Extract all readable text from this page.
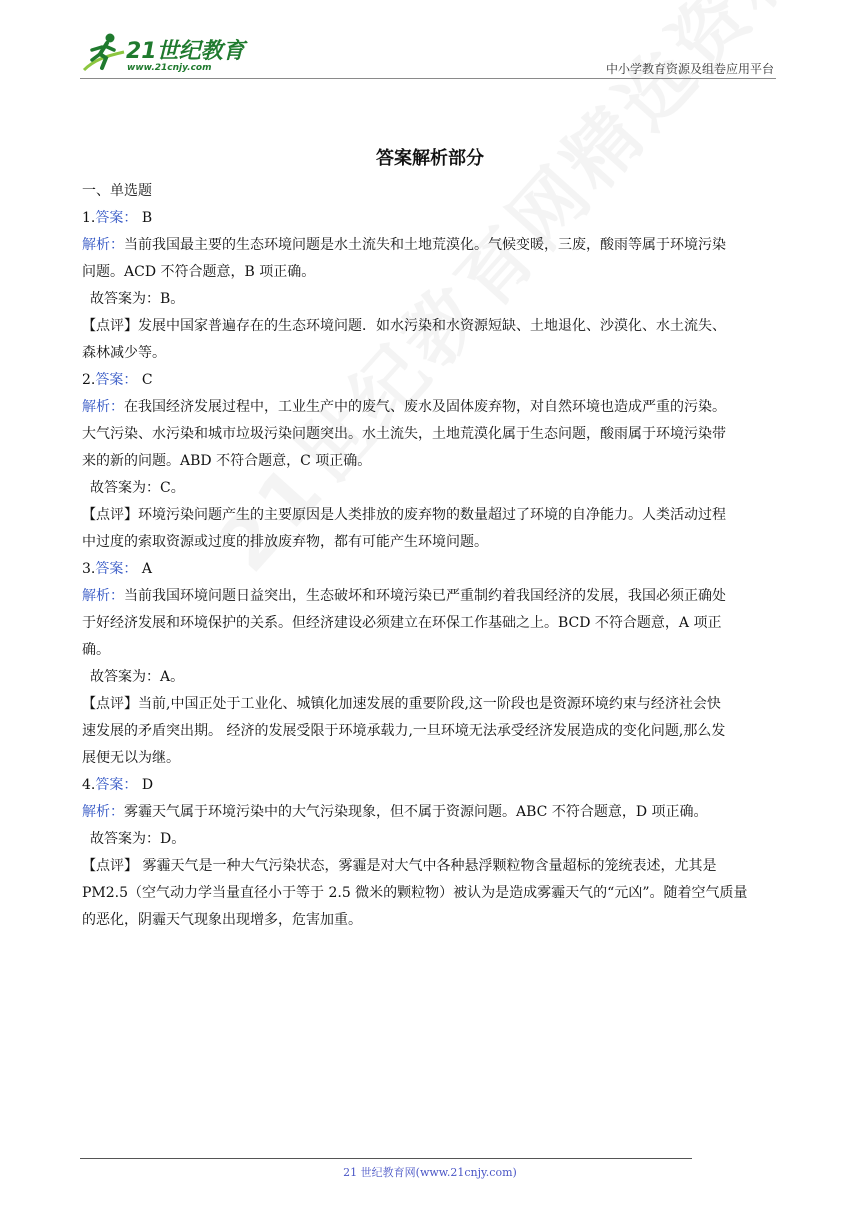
21世纪教育
www.21cnjy.com	中小学教育资源及组卷应用平台
答案解析部分

一、单选题

1.答案： B

解析：当前我国最主要的生态环境问题是水土流失和土地荒漠化。气候变暖，三废，酸雨等属于环境污染

问题。ACD 不符合题意，B 项正确。

故答案为：B。

【点评】发展中国家普遍存在的生态环境问题．如水污染和水资源短缺、土地退化、沙漠化、水土流失、

森林减少等。

2.答案： C

解析：在我国经济发展过程中，工业生产中的废气、废水及固体废弃物，对自然环境也造成严重的污染。

大气污染、水污染和城市垃圾污染问题突出。水土流失，土地荒漠化属于生态问题，酸雨属于环境污染带

来的新的问题。ABD 不符合题意，C 项正确。

故答案为：C。

【点评】环境污染问题产生的主要原因是人类排放的废弃物的数量超过了环境的自净能力。人类活动过程

中过度的索取资源或过度的排放废弃物，都有可能产生环境问题。

3.答案： A

解析：当前我国环境问题日益突出，生态破坏和环境污染已严重制约着我国经济的发展，我国必须正确处

于好经济发展和环境保护的关系。但经济建设必须建立在环保工作基础之上。BCD 不符合题意，A 项正

确。

故答案为：A。

【点评】当前,中国正处于工业化、城镇化加速发展的重要阶段,这一阶段也是资源环境约束与经济社会快

速发展的矛盾突出期。 经济的发展受限于环境承载力,一旦环境无法承受经济发展造成的变化问题,那么发

展便无以为继。

4.答案： D

解析：雾霾天气属于环境污染中的大气污染现象，但不属于资源问题。ABC 不符合题意，D 项正确。

故答案为：D。

【点评】 雾霾天气是一种大气污染状态，雾霾是对大气中各种悬浮颗粒物含量超标的笼统表述，尤其是

PM2.5（空气动力学当量直径小于等于 2.5 微米的颗粒物）被认为是造成雾霾天气的“元凶”。随着空气质量

的恶化，阴霾天气现象出现增多，危害加重。

21 世纪教育网(www.21cnjy.com)
